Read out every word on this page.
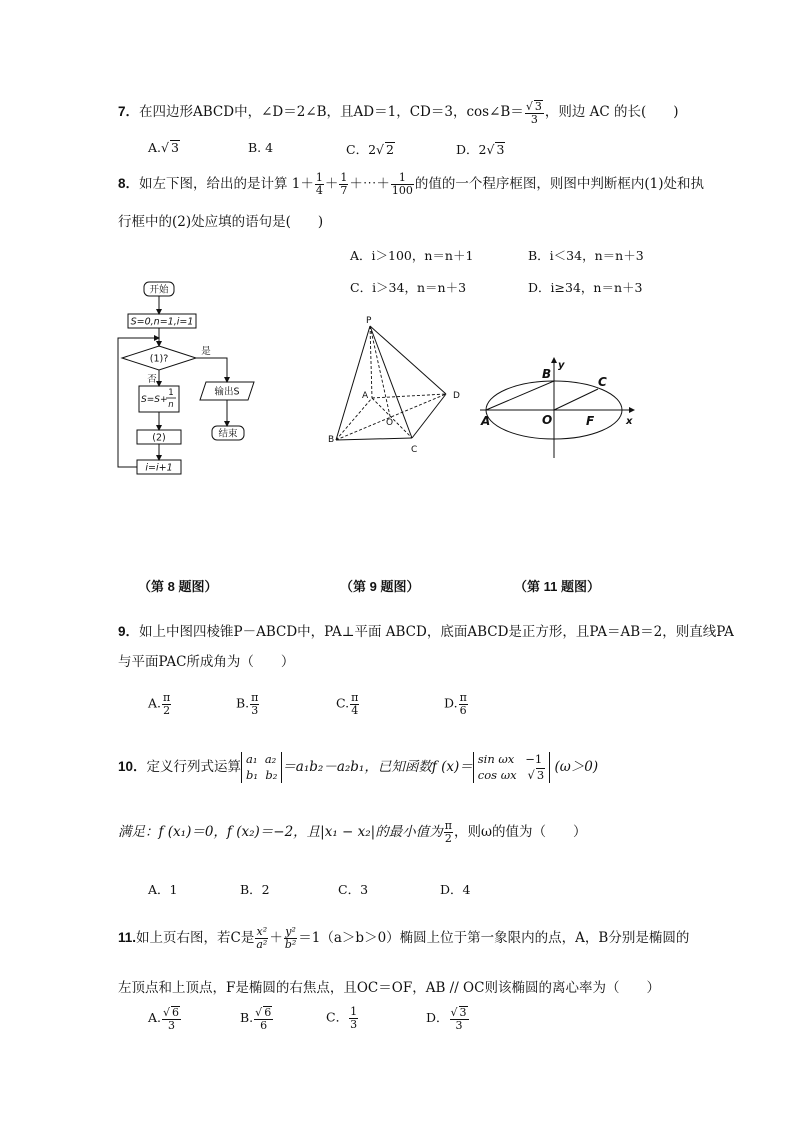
7．在四边形ABCD中，∠D＝2∠B，且AD＝1，CD＝3，cos∠B＝ $\frac{√ 3}{3}$ ，则边 AC 的长(　　)
A.√ 3	B. 4	C．2√ 2	D．2√ 3
8．如左下图，给出的是计算 $1+ \frac{1}{4} + \frac{1}{7}$ ＋⋯＋ $\frac{1}{100}$ 的值的一个程序框图，则图中判断框内(1)处和执
行框中的(2)处应填的语句是(　　)
A．i＞100，n＝n＋1	B．i＜34，n＝n＋3
C．i＞34，n＝n＋3	D．i≥34，n＝n＋3
开始
S=0,n=1,i=1
(1)?
是
否
S=S+
1
n
输出S
(2)	结束
i=i+1
P
A
B
C
D
O
y
x
A
B
C
O	F
（第 8 题图）	（第 9 题图）	（第 11 题图）
9．如上中图四棱锥P－ABCD中，PA⊥平面 ABCD，底面ABCD是正方形，且PA＝AB＝2，则直线PA
与平面PAC所成角为（　　）
A. $\frac{\pi}{2}$	B. $\frac{\pi}{3}$	C. $\frac{\pi}{4}$	D. $\frac{\pi}{6}$
10．定义行列式运算a₁ a₂
b₁ b₂ ＝a₁b₂－a₂b₁，已知函数f (x)＝sin ωx −1
cos ωx   √ 3 (ω＞0)
满足：f (x₁)＝0，f (x₂)＝−2，且|x₁ − x₂|的最小值为 $\frac{\pi}{2}$ ，则ω的值为（　　）
A．1	B．2	C．3	D．4
11.如上页右图，若C是 $\frac{\text{x²}}{\text{a²}} + \frac{\text{y²}}{\text{b²}} =1(a>b>0)$椭圆上位于第一象限内的点，A，B分别是椭圆的
左顶点和上顶点，F是椭圆的右焦点，且OC＝OF，AB // OC则该椭圆的离心率为（　　）
A. $\frac{√ 6}{3}$	B. $\frac{√ 6}{6}$	C． $\frac{1}{3}$	D． $\frac{√ 3}{3}$
